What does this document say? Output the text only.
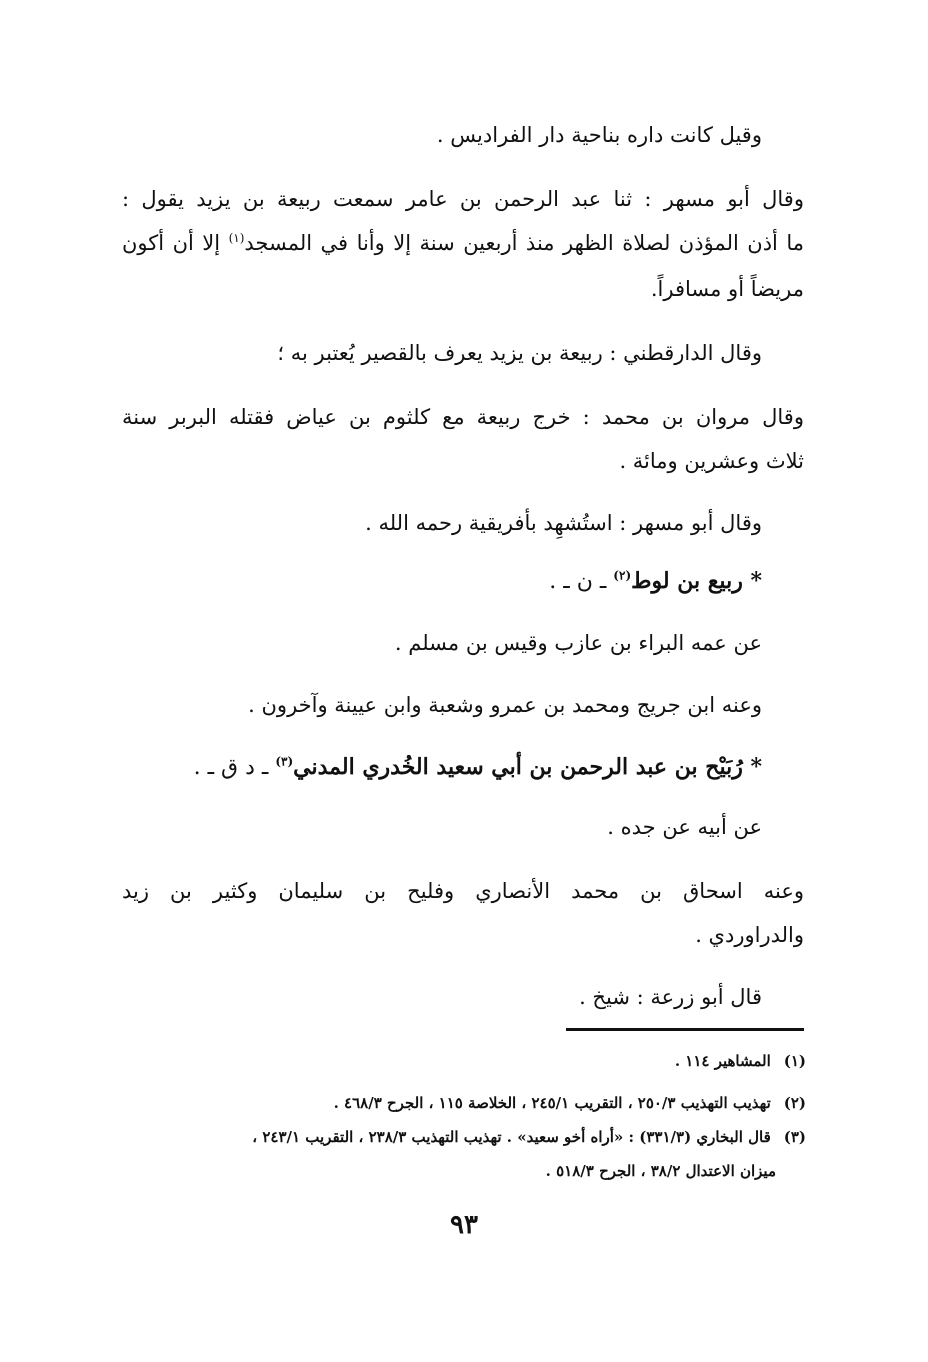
وقيل كانت داره بناحية دار الفراديس .
وقال أبو مسهر : ثنا عبد الرحمن بن عامر سمعت ربيعة بن يزيد يقول :
ما أذن المؤذن لصلاة الظهر منذ أربعين سنة إلا وأنا في المسجد$^{(١)}$ إلا أن أكون
مريضاً أو مسافراً.
وقال الدارقطني : ربيعة بن يزيد يعرف بالقصير يُعتبر به ؛
وقال مروان بن محمد : خرج ربيعة مع كلثوم بن عياض فقتله البربر سنة
ثلاث وعشرين ومائة .
وقال أبو مسهر : استُشهِد بأفريقية رحمه الله .
* ربيع بن لوط$^{(٢)}$ ـ ن ـ .
عن عمه البراء بن عازب وقيس بن مسلم .
وعنه ابن جريج ومحمد بن عمرو وشعبة وابن عيينة وآخرون .
* رُبَيْح بن عبد الرحمن بن أبي سعيد الخُدري المدني$^{(٣)}$ ـ د ق ـ .
عن أبيه عن جده .
وعنه اسحاق بن محمد الأنصاري وفليح بن سليمان وكثير بن زيد
والدراوردي .
قال أبو زرعة : شيخ .
(١) المشاهير ١١٤ .
(٢) تهذيب التهذيب ٢٥٠/٣ ، التقريب ٢٤٥/١ ، الخلاصة ١١٥ ، الجرح ٤٦٨/٣ .
(٣) قال البخاري (٣٣١/٣) : «أراه أخو سعيد» . تهذيب التهذيب ٢٣٨/٣ ، التقريب ٢٤٣/١ ،
ميزان الاعتدال ٣٨/٢ ، الجرح ٥١٨/٣ .
٩٣
